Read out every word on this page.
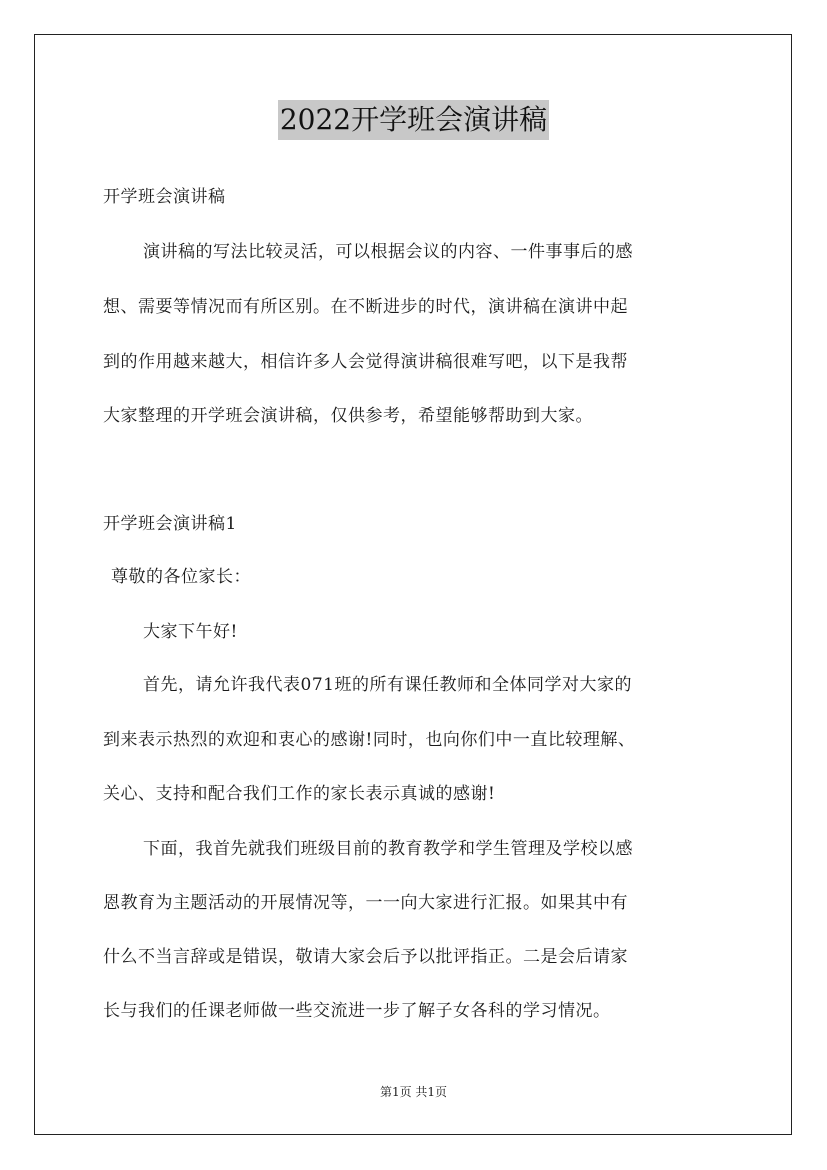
2022开学班会演讲稿
开学班会演讲稿
演讲稿的写法比较灵活，可以根据会议的内容、一件事事后的感
想、需要等情况而有所区别。在不断进步的时代，演讲稿在演讲中起
到的作用越来越大，相信许多人会觉得演讲稿很难写吧，以下是我帮
大家整理的开学班会演讲稿，仅供参考，希望能够帮助到大家。
开学班会演讲稿1
尊敬的各位家长：
大家下午好!
首先，请允许我代表071班的所有课任教师和全体同学对大家的
到来表示热烈的欢迎和衷心的感谢!同时，也向你们中一直比较理解、
关心、支持和配合我们工作的家长表示真诚的感谢!
下面，我首先就我们班级目前的教育教学和学生管理及学校以感
恩教育为主题活动的开展情况等，一一向大家进行汇报。如果其中有
什么不当言辞或是错误，敬请大家会后予以批评指正。二是会后请家
长与我们的任课老师做一些交流进一步了解子女各科的学习情况。
第1页 共1页
